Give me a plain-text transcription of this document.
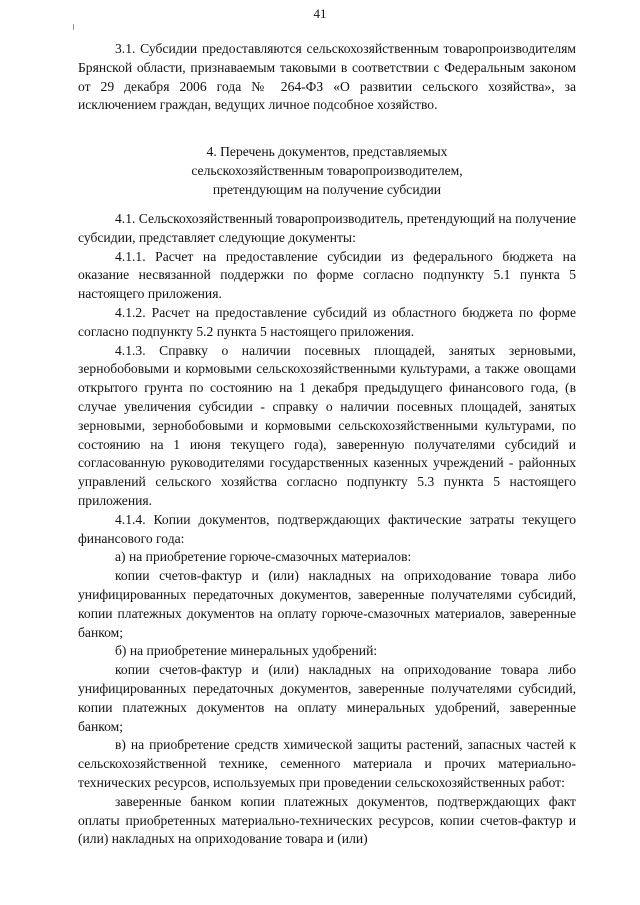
41

3.1. Субсидии предоставляются сельскохозяйственным товаропроизводителям Брянской области, признаваемым таковыми в соответствии с Федеральным законом от 29 декабря 2006 года № 264-ФЗ «О развитии сельского хозяйства», за исключением граждан, ведущих личное подсобное хозяйство.

4. Перечень документов, представляемых
сельскохозяйственным товаропроизводителем,
претендующим на получение субсидии

4.1. Сельскохозяйственный товаропроизводитель, претендующий на получение субсидии, представляет следующие документы:

4.1.1. Расчет на предоставление субсидии из федерального бюджета на оказание несвязанной поддержки по форме согласно подпункту 5.1 пункта 5 настоящего приложения.

4.1.2. Расчет на предоставление субсидий из областного бюджета по форме согласно подпункту 5.2 пункта 5 настоящего приложения.

4.1.3. Справку о наличии посевных площадей, занятых зерновыми, зернобобовыми и кормовыми сельскохозяйственными культурами, а также овощами открытого грунта по состоянию на 1 декабря предыдущего финансового года, (в случае увеличения субсидии - справку о наличии посевных площадей, занятых зерновыми, зернобобовыми и кормовыми сельскохозяйственными культурами, по состоянию на 1 июня текущего года), заверенную получателями субсидий и согласованную руководителями государственных казенных учреждений - районных управлений сельского хозяйства согласно подпункту 5.3 пункта 5 настоящего приложения.

4.1.4. Копии документов, подтверждающих фактические затраты текущего финансового года:

а) на приобретение горюче-смазочных материалов:

копии счетов-фактур и (или) накладных на оприходование товара либо унифицированных передаточных документов, заверенные получателями субсидий, копии платежных документов на оплату горюче-смазочных материалов, заверенные банком;

б) на приобретение минеральных удобрений:

копии счетов-фактур и (или) накладных на оприходование товара либо унифицированных передаточных документов, заверенные получателями субсидий, копии платежных документов на оплату минеральных удобрений, заверенные банком;

в) на приобретение средств химической защиты растений, запасных частей к сельскохозяйственной технике, семенного материала и прочих материально-технических ресурсов, используемых при проведении сельскохозяйственных работ:

заверенные банком копии платежных документов, подтверждающих факт оплаты приобретенных материально-технических ресурсов, копии счетов-фактур и (или) накладных на оприходование товара и (или)
